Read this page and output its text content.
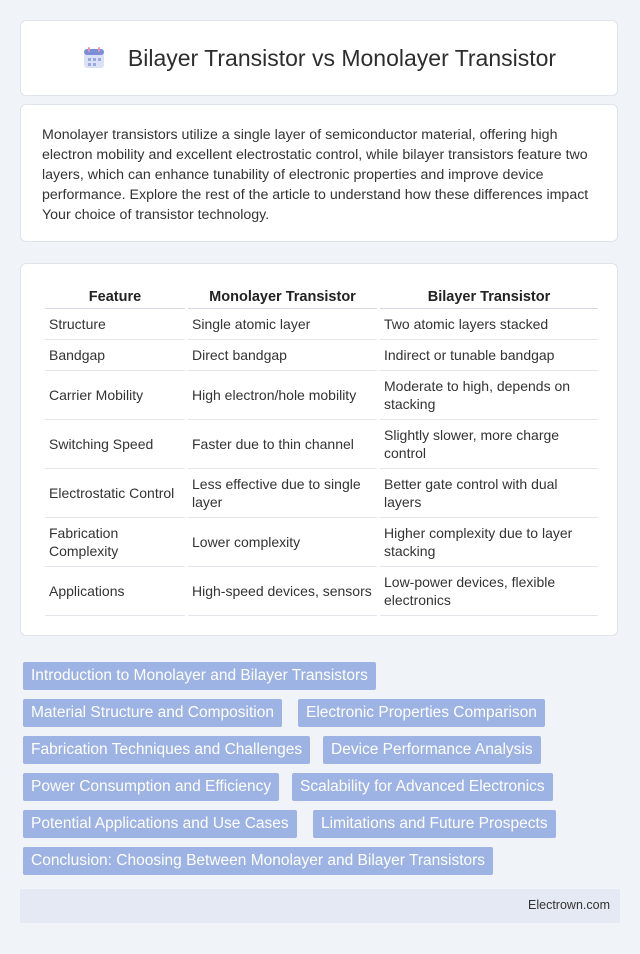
Bilayer Transistor vs Monolayer Transistor

Monolayer transistors utilize a single layer of semiconductor material, offering high electron mobility and excellent electrostatic control, while bilayer transistors feature two layers, which can enhance tunability of electronic properties and improve device performance. Explore the rest of the article to understand how these differences impact Your choice of transistor technology.

Feature	Monolayer Transistor	Bilayer Transistor
Structure	Single atomic layer	Two atomic layers stacked
Bandgap	Direct bandgap	Indirect or tunable bandgap
Carrier Mobility	High electron/hole mobility	Moderate to high, depends on stacking
Switching Speed	Faster due to thin channel	Slightly slower, more charge control
Electrostatic Control	Less effective due to single layer	Better gate control with dual layers
Fabrication Complexity	Lower complexity	Higher complexity due to layer stacking
Applications	High-speed devices, sensors	Low-power devices, flexible electronics
Introduction to Monolayer and Bilayer Transistors
Material Structure and Composition	Electronic Properties Comparison
Fabrication Techniques and Challenges	Device Performance Analysis
Power Consumption and Efficiency	Scalability for Advanced Electronics
Potential Applications and Use Cases	Limitations and Future Prospects
Conclusion: Choosing Between Monolayer and Bilayer Transistors
Electrown.com
